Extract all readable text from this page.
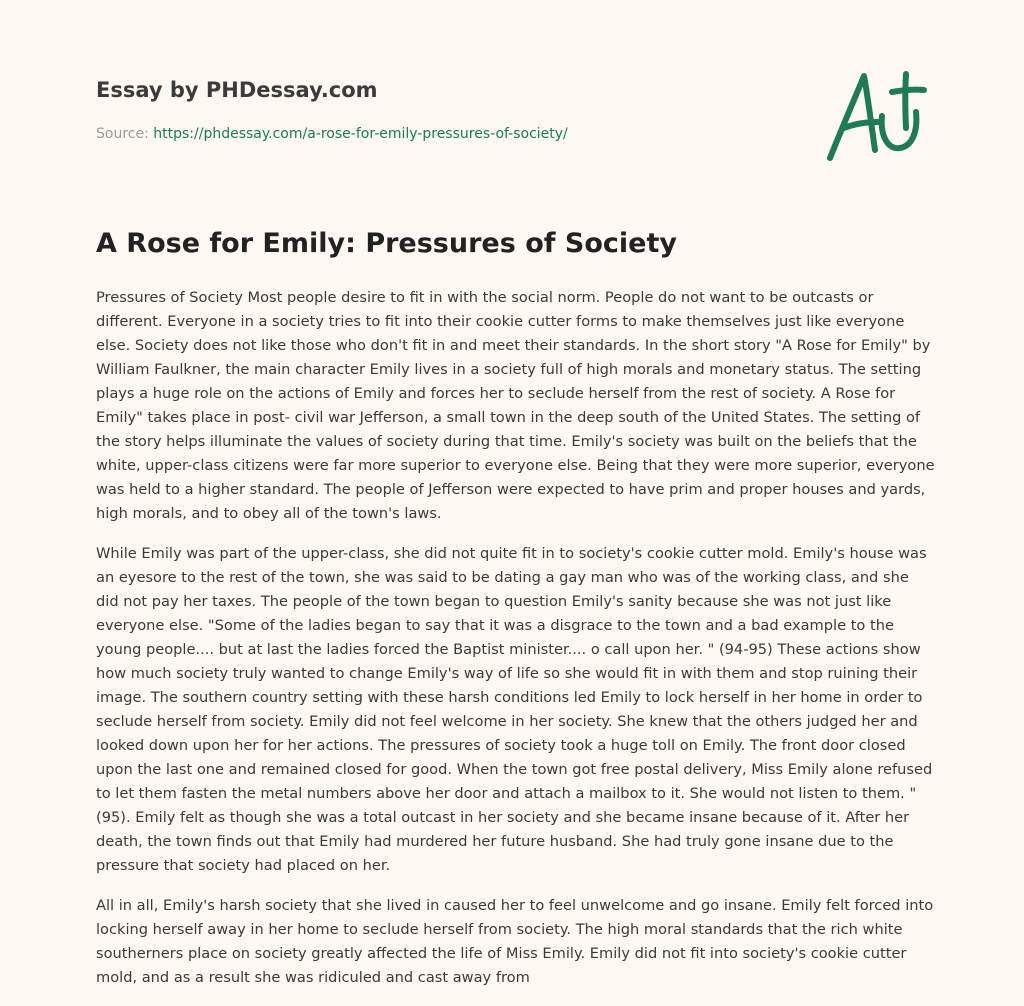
Essay by PHDessay.com
Source: https://phdessay.com/a-rose-for-emily-pressures-of-society/
A Rose for Emily: Pressures of Society

Pressures of Society Most people desire to fit in with the social norm. People do not want to be outcasts or different. Everyone in a society tries to fit into their cookie cutter forms to make themselves just like everyone else. Society does not like those who don't fit in and meet their standards. In the short story "A Rose for Emily" by William Faulkner, the main character Emily lives in a society full of high morals and monetary status. The setting plays a huge role on the actions of Emily and forces her to seclude herself from the rest of society. A Rose for Emily" takes place in post- civil war Jefferson, a small town in the deep south of the United States. The setting of the story helps illuminate the values of society during that time. Emily's society was built on the beliefs that the white, upper-class citizens were far more superior to everyone else. Being that they were more superior, everyone was held to a higher standard. The people of Jefferson were expected to have prim and proper houses and yards, high morals, and to obey all of the town's laws.

While Emily was part of the upper-class, she did not quite fit in to society's cookie cutter mold. Emily's house was an eyesore to the rest of the town, she was said to be dating a gay man who was of the working class, and she did not pay her taxes. The people of the town began to question Emily's sanity because she was not just like everyone else. "Some of the ladies began to say that it was a disgrace to the town and a bad example to the young people.... but at last the ladies forced the Baptist minister.... o call upon her. " (94-95) These actions show how much society truly wanted to change Emily's way of life so she would fit in with them and stop ruining their image. The southern country setting with these harsh conditions led Emily to lock herself in her home in order to seclude herself from society. Emily did not feel welcome in her society. She knew that the others judged her and looked down upon her for her actions. The pressures of society took a huge toll on Emily. The front door closed upon the last one and remained closed for good. When the town got free postal delivery, Miss Emily alone refused to let them fasten the metal numbers above her door and attach a mailbox to it. She would not listen to them. " (95). Emily felt as though she was a total outcast in her society and she became insane because of it. After her death, the town finds out that Emily had murdered her future husband. She had truly gone insane due to the pressure that society had placed on her.

All in all, Emily's harsh society that she lived in caused her to feel unwelcome and go insane. Emily felt forced into locking herself away in her home to seclude herself from society. The high moral standards that the rich white southerners place on society greatly affected the life of Miss Emily. Emily did not fit into society's cookie cutter mold, and as a result she was ridiculed and cast away from
